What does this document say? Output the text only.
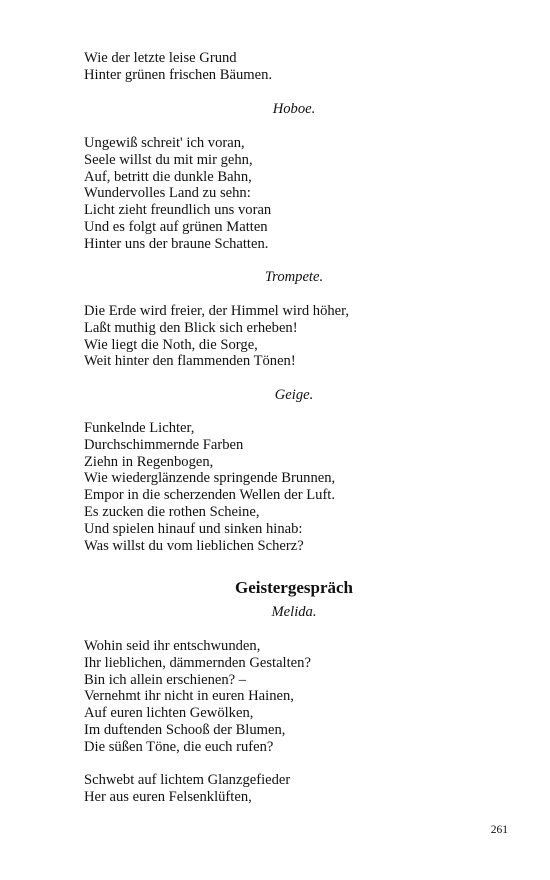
Wie der letzte leise Grund
Hinter grünen frischen Bäumen.

Hoboe.

Ungewiß schreit' ich voran,
Seele willst du mit mir gehn,
Auf, betritt die dunkle Bahn,
Wundervolles Land zu sehn:
Licht zieht freundlich uns voran
Und es folgt auf grünen Matten
Hinter uns der braune Schatten.

Trompete.

Die Erde wird freier, der Himmel wird höher,
Laßt muthig den Blick sich erheben!
Wie liegt die Noth, die Sorge,
Weit hinter den flammenden Tönen!

Geige.

Funkelnde Lichter,
Durchschimmernde Farben
Ziehn in Regenbogen,
Wie wiederglänzende springende Brunnen,
Empor in die scherzenden Wellen der Luft.
Es zucken die rothen Scheine,
Und spielen hinauf und sinken hinab:
Was willst du vom lieblichen Scherz?
Geistergespräch

Melida.

Wohin seid ihr entschwunden,
Ihr lieblichen, dämmernden Gestalten?
Bin ich allein erschienen? –
Vernehmt ihr nicht in euren Hainen,
Auf euren lichten Gewölken,
Im duftenden Schooß der Blumen,
Die süßen Töne, die euch rufen?
Schwebt auf lichtem Glanzgefieder
Her aus euren Felsenklüften,
261
